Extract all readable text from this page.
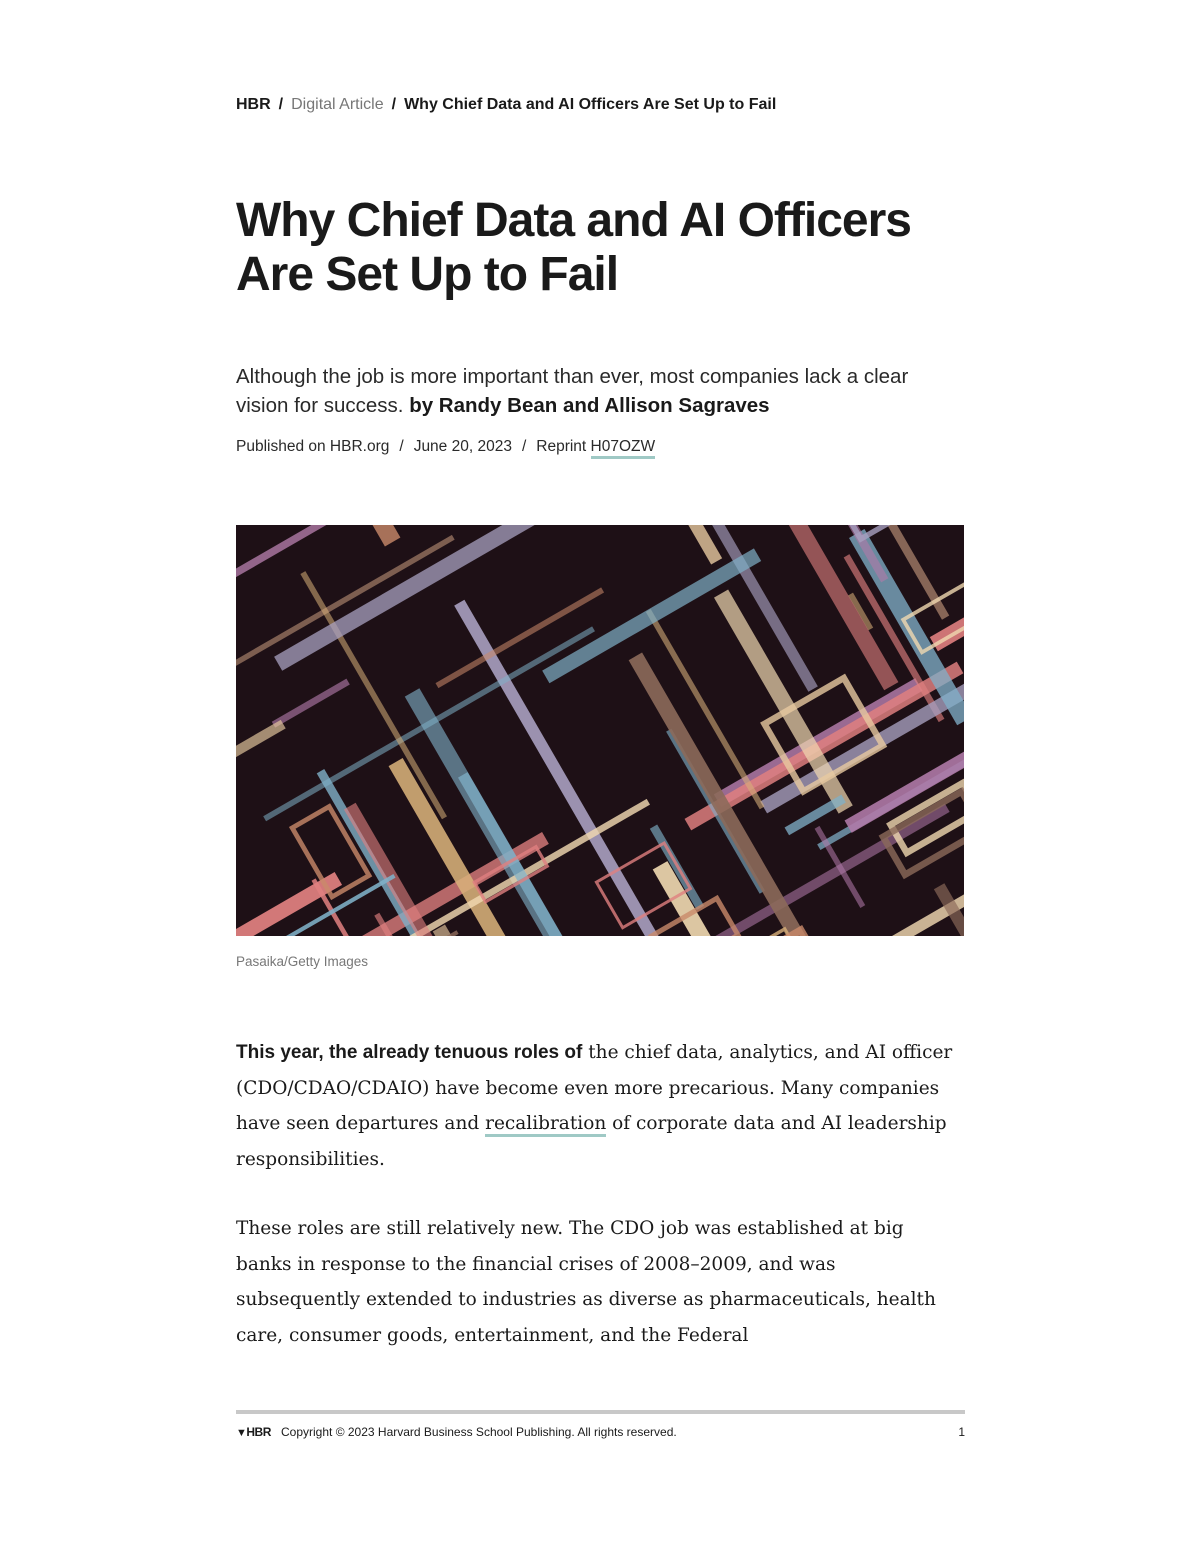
HBR / Digital Article / Why Chief Data and AI Officers Are Set Up to Fail
Why Chief Data and AI Officers Are Set Up to Fail
Although the job is more important than ever, most companies lack a clear vision for success. by Randy Bean and Allison Sagraves
Published on HBR.org / June 20, 2023 / Reprint H07OZW
Pasaika/Getty Images

This year, the already tenuous roles of the chief data, analytics, and AI officer (CDO/CDAO/CDAIO) have become even more precarious. Many companies have seen departures and recalibration of corporate data and AI leadership responsibilities.

These roles are still relatively new. The CDO job was established at big banks in response to the financial crises of 2008–2009, and was subsequently extended to industries as diverse as pharmaceuticals, health care, consumer goods, entertainment, and the Federal

▼HBR Copyright © 2023 Harvard Business School Publishing. All rights reserved.	1
